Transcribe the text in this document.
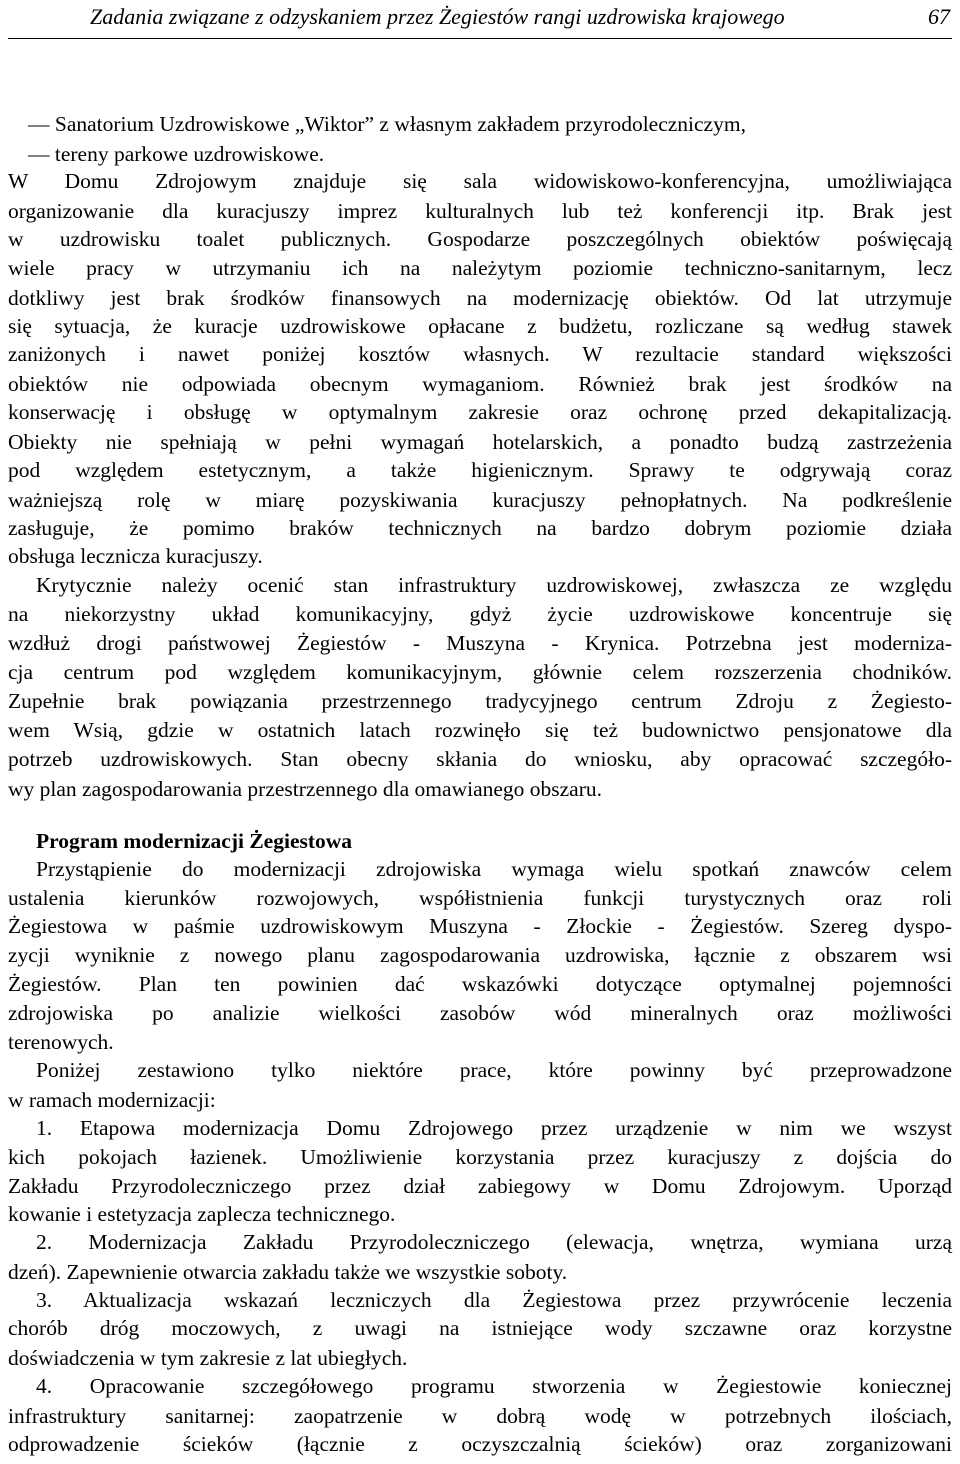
Zadania związane z odzyskaniem przez Żegiestów rangi uzdrowiska krajowego	67
— Sanatorium Uzdrowiskowe „Wiktor” z własnym zakładem przyrodoleczniczym,
— tereny parkowe uzdrowiskowe.
W Domu Zdrojowym znajduje się sala widowiskowo-konferencyjna, umożliwiająca
organizowanie dla kuracjuszy imprez kulturalnych lub też konferencji itp. Brak jest
w uzdrowisku toalet publicznych. Gospodarze poszczególnych obiektów poświęcają
wiele pracy w utrzymaniu ich na należytym poziomie techniczno-sanitarnym, lecz
dotkliwy jest brak środków finansowych na modernizację obiektów. Od lat utrzymuje
się sytuacja, że kuracje uzdrowiskowe opłacane z budżetu, rozliczane są według stawek
zaniżonych i nawet poniżej kosztów własnych. W rezultacie standard większości
obiektów nie odpowiada obecnym wymaganiom. Również brak jest środków na
konserwację i obsługę w optymalnym zakresie oraz ochronę przed dekapitalizacją.
Obiekty nie spełniają w pełni wymagań hotelarskich, a ponadto budzą zastrzeżenia
pod względem estetycznym, a także higienicznym. Sprawy te odgrywają coraz
ważniejszą rolę w miarę pozyskiwania kuracjuszy pełnopłatnych. Na podkreślenie
zasługuje, że pomimo braków technicznych na bardzo dobrym poziomie działa
obsługa lecznicza kuracjuszy.
Krytycznie należy ocenić stan infrastruktury uzdrowiskowej, zwłaszcza ze względu
na niekorzystny układ komunikacyjny, gdyż życie uzdrowiskowe koncentruje się
wzdłuż drogi państwowej Żegiestów - Muszyna - Krynica. Potrzebna jest moderniza-
cja centrum pod względem komunikacyjnym, głównie celem rozszerzenia chodników.
Zupełnie brak powiązania przestrzennego tradycyjnego centrum Zdroju z Żegiesto-
wem Wsią, gdzie w ostatnich latach rozwinęło się też budownictwo pensjonatowe dla
potrzeb uzdrowiskowych. Stan obecny skłania do wniosku, aby opracować szczegóło-
wy plan zagospodarowania przestrzennego dla omawianego obszaru.
Program modernizacji Żegiestowa
Przystąpienie do modernizacji zdrojowiska wymaga wielu spotkań znawców celem
ustalenia kierunków rozwojowych, współistnienia funkcji turystycznych oraz roli
Żegiestowa w paśmie uzdrowiskowym Muszyna - Złockie - Żegiestów. Szereg dyspo-
zycji wyniknie z nowego planu zagospodarowania uzdrowiska, łącznie z obszarem wsi
Żegiestów. Plan ten powinien dać wskazówki dotyczące optymalnej pojemności
zdrojowiska po analizie wielkości zasobów wód mineralnych oraz możliwości
terenowych.
Poniżej zestawiono tylko niektóre prace, które powinny być przeprowadzone
w ramach modernizacji:
1. Etapowa modernizacja Domu Zdrojowego przez urządzenie w nim we wszyst
kich pokojach łazienek. Umożliwienie korzystania przez kuracjuszy z dojścia do
Zakładu Przyrodoleczniczego przez dział zabiegowy w Domu Zdrojowym. Uporząd
kowanie i estetyzacja zaplecza technicznego.
2. Modernizacja Zakładu Przyrodoleczniczego (elewacja, wnętrza, wymiana urzą
dzeń). Zapewnienie otwarcia zakładu także we wszystkie soboty.
3. Aktualizacja wskazań leczniczych dla Żegiestowa przez przywrócenie leczenia
chorób dróg moczowych, z uwagi na istniejące wody szczawne oraz korzystne
doświadczenia w tym zakresie z lat ubiegłych.
4. Opracowanie szczegółowego programu stworzenia w Żegiestowie koniecznej
infrastruktury sanitarnej: zaopatrzenie w dobrą wodę w potrzebnych ilościach,
odprowadzenie ścieków (łącznie z oczyszczalnią ścieków) oraz zorganizowani
